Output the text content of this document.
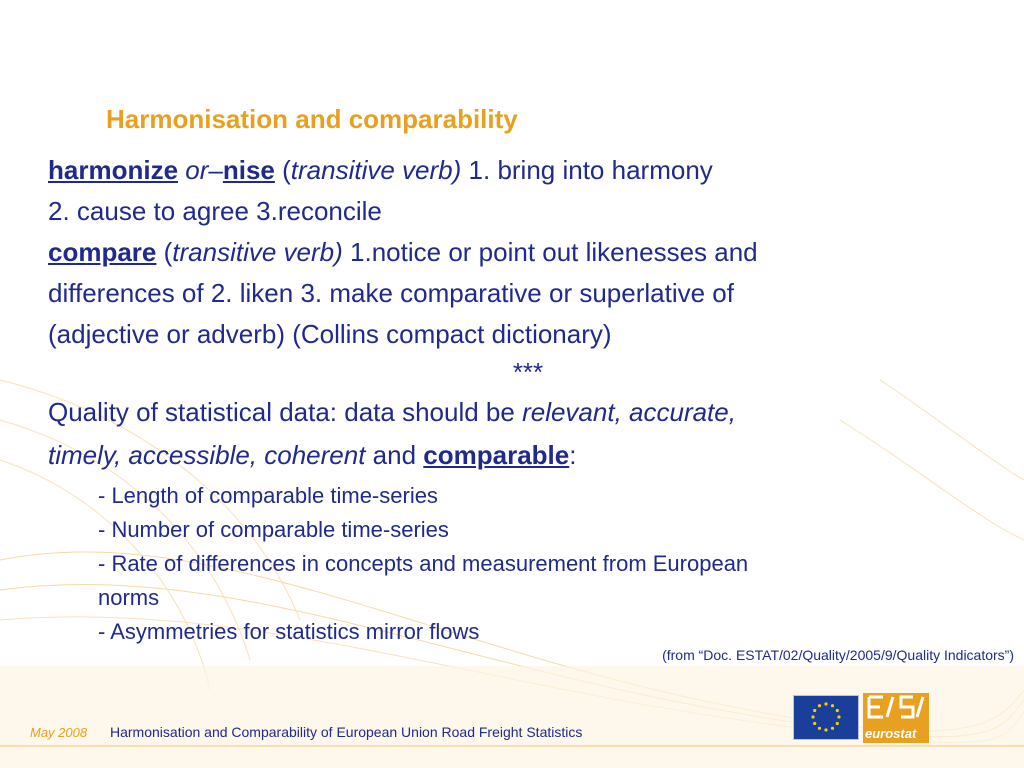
Harmonisation and comparability
harmonize or–nise (transitive verb) 1. bring into harmony
2. cause to agree 3.reconcile
compare (transitive verb) 1.notice or point out likenesses and
differences of 2. liken 3. make comparative or superlative of
(adjective or adverb) (Collins compact dictionary)
***
Quality of statistical data: data should be relevant, accurate,
timely, accessible, coherent and comparable:
- Length of comparable time-series
- Number of comparable time-series
- Rate of differences in concepts and measurement from European
norms
- Asymmetries for statistics mirror flows
(from “Doc. ESTAT/02/Quality/2005/9/Quality Indicators”)
May 2008 Harmonisation and Comparability of European Union Road Freight Statistics	eurostat
